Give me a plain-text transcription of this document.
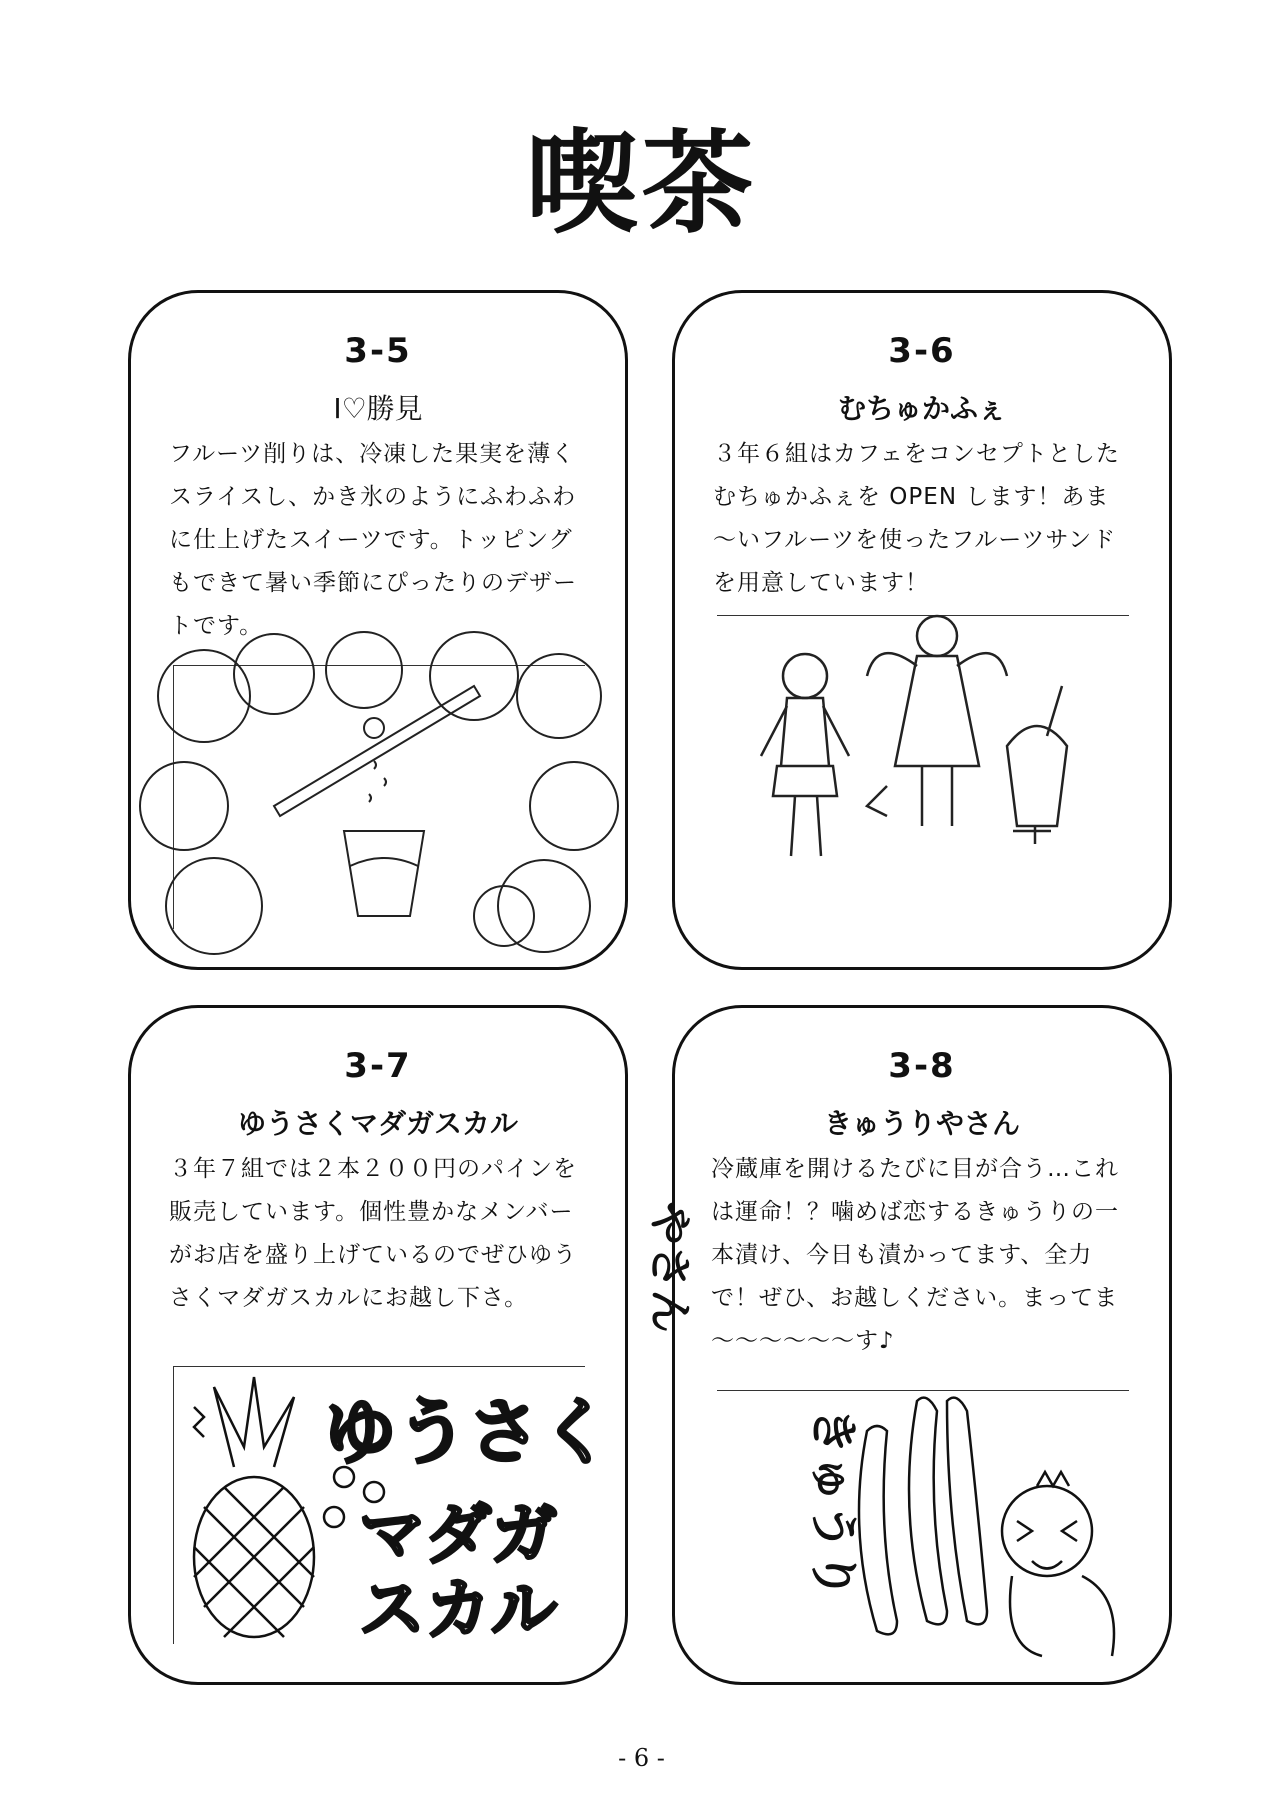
喫茶
3-5
I♡勝見
フルーツ削りは、冷凍した果実を薄くスライスし、かき氷のようにふわふわに仕上げたスイーツです。トッピングもできて暑い季節にぴったりのデザートです。
3-6
むちゅかふぇ
３年６組はカフェをコンセプトとしたむちゅかふぇを OPEN します！あま～いフルーツを使ったフルーツサンドを用意しています！
3-7
ゆうさくマダガスカル
３年７組では２本２００円のパインを販売しています。個性豊かなメンバーがお店を盛り上げているのでぜひゆうさくマダガスカルにお越し下さ。
ゆうさく
マダガ
スカル
3-8
きゅうりやさん
冷蔵庫を開けるたびに目が合う…これは運命！？噛めば恋するきゅうりの一本漬け、今日も漬かってます、全力で！ぜひ、お越しください。まってま～～～～～～す♪
やさん
きゅうり
- 6 -
